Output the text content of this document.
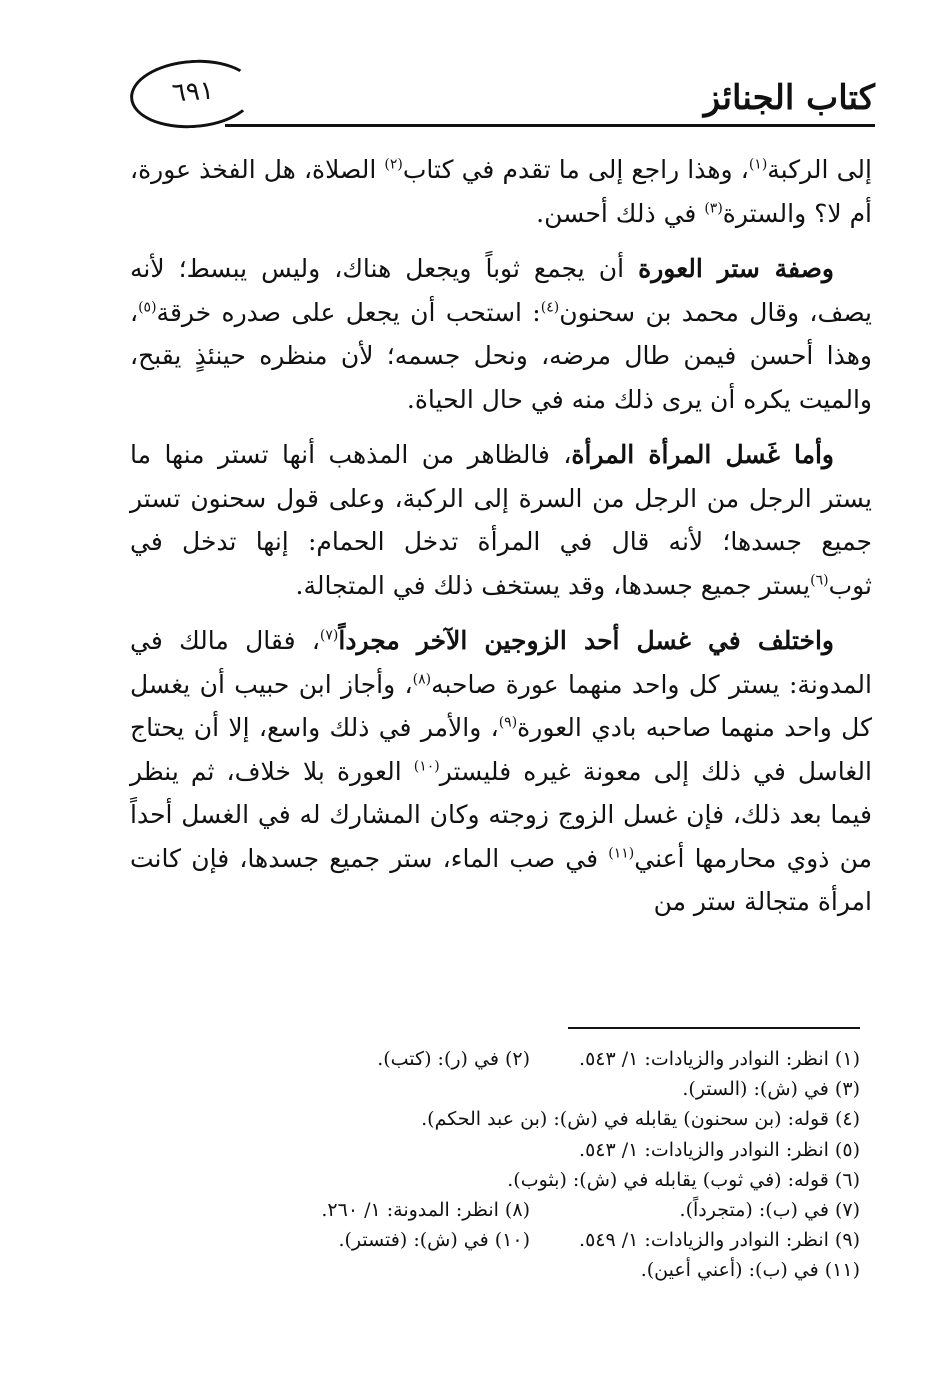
٦٩١	كتاب الجنائز

إلى الركبة$^{(١)}$، وهذا راجع إلى ما تقدم في كتاب$^{(٢)}$ الصلاة، هل الفخذ عورة، أم لا؟ والسترة$^{(٣)}$ في ذلك أحسن.

وصفة ستر العورة أن يجمع ثوباً ويجعل هناك، وليس يبسط؛ لأنه يصف، وقال محمد بن سحنون$^{(٤)}$: استحب أن يجعل على صدره خرقة$^{(٥)}$، وهذا أحسن فيمن طال مرضه، ونحل جسمه؛ لأن منظره حينئذٍ يقبح، والميت يكره أن يرى ذلك منه في حال الحياة.

وأما غَسل المرأة المرأة، فالظاهر من المذهب أنها تستر منها ما يستر الرجل من الرجل من السرة إلى الركبة، وعلى قول سحنون تستر جميع جسدها؛ لأنه قال في المرأة تدخل الحمام: إنها تدخل في ثوب$^{(٦)}$يستر جميع جسدها، وقد يستخف ذلك في المتجالة.

واختلف في غسل أحد الزوجين الآخر مجرداً$^{(٧)}$، فقال مالك في المدونة: يستر كل واحد منهما عورة صاحبه$^{(٨)}$، وأجاز ابن حبيب أن يغسل كل واحد منهما صاحبه بادي العورة$^{(٩)}$، والأمر في ذلك واسع، إلا أن يحتاج الغاسل في ذلك إلى معونة غيره فليستر$^{(١٠)}$ العورة بلا خلاف، ثم ينظر فيما بعد ذلك، فإن غسل الزوج زوجته وكان المشارك له في الغسل أحداً من ذوي محارمها أعني$^{(١١)}$ في صب الماء، ستر جميع جسدها، فإن كانت امرأة متجالة ستر من

(١) انظر: النوادر والزيادات: ١/ ٥٤٣.
(٢) في (ر): (كتب).
(٣) في (ش): (الستر).
(٤) قوله: (بن سحنون) يقابله في (ش): (بن عبد الحكم).
(٥) انظر: النوادر والزيادات: ١/ ٥٤٣.
(٦) قوله: (في ثوب) يقابله في (ش): (بثوب).
(٧) في (ب): (متجرداً).
(٨) انظر: المدونة: ١/ ٢٦٠.
(٩) انظر: النوادر والزيادات: ١/ ٥٤٩.
(١٠) في (ش): (فتستر).
(١١) في (ب): (أعني أعين).
